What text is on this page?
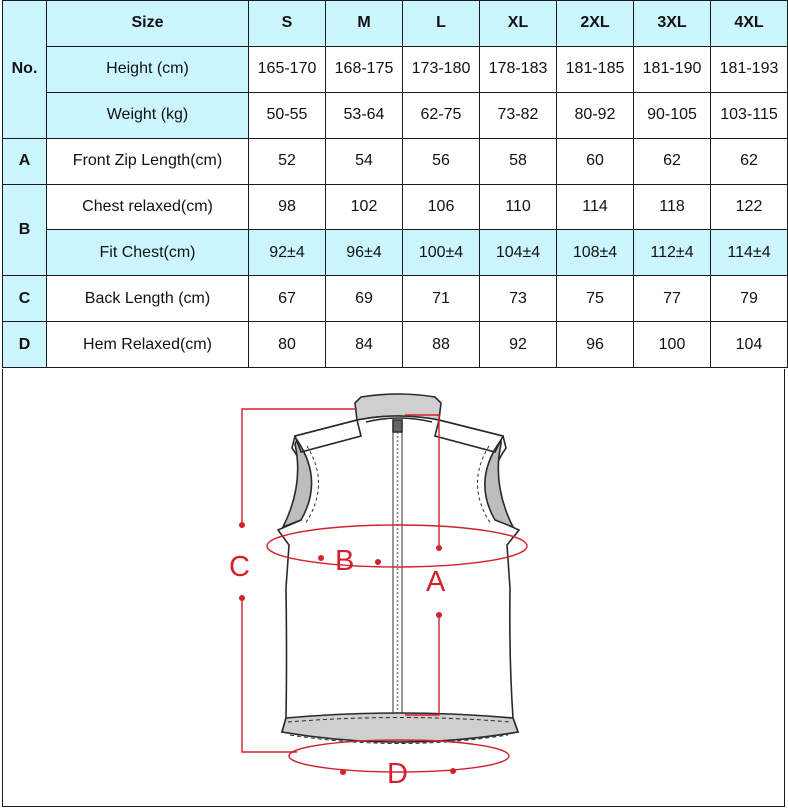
No.	Size	S	M	L	XL	2XL	3XL	4XL
	Height (cm)	165-170	168-175	173-180	178-183	181-185	181-190	181-193
	Weight (kg)	50-55	53-64	62-75	73-82	80-92	90-105	103-115
A	Front Zip Length(cm)	52	54	56	58	60	62	62
B	Chest relaxed(cm)	98	102	106	110	114	118	122
	Fit Chest(cm)	92±4	96±4	100±4	104±4	108±4	112±4	114±4
C	Back Length (cm)	67	69	71	73	75	77	79
D	Hem Relaxed(cm)	80	84	88	92	96	100	104
C	B
A
D
